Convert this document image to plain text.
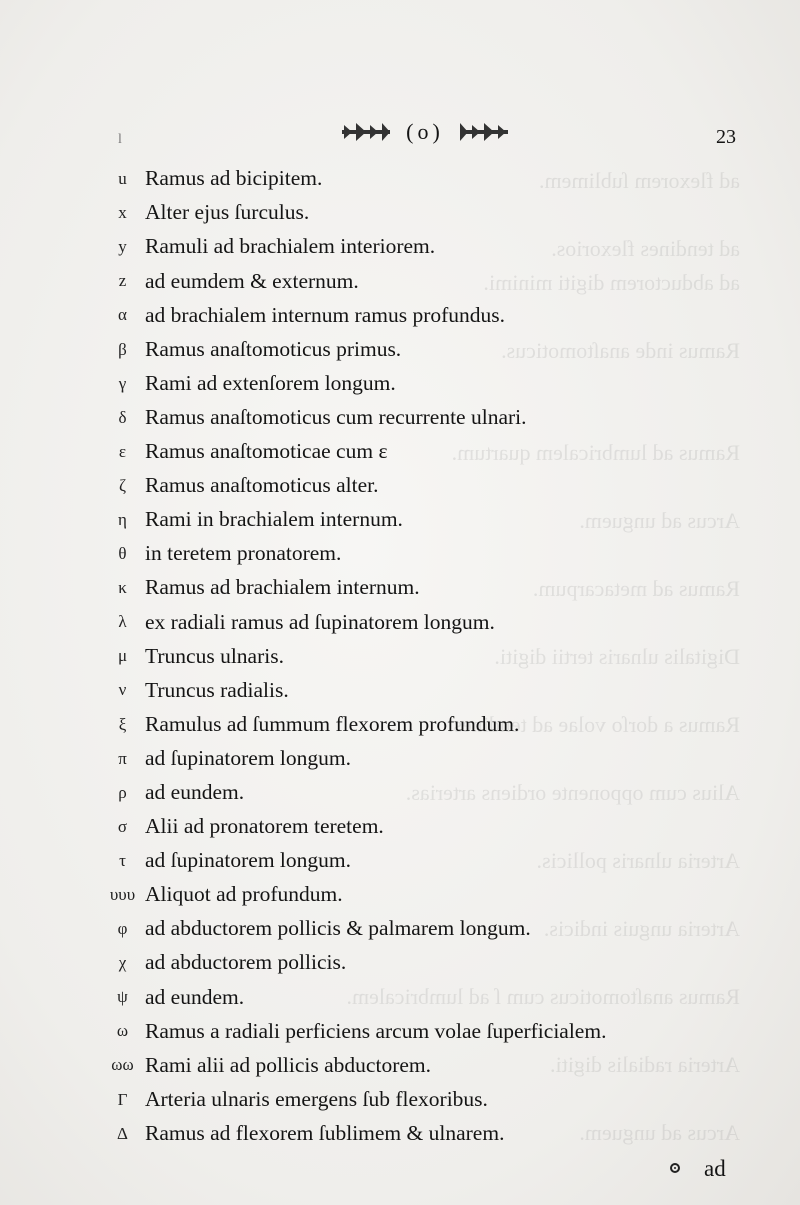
ad flexorem ſublimem.
ad tendines flexorios.
ad abductorem digiti minimi.
Ramus inde anaſtomoticus.
Ramus ad lumbricalem quartum.
Arcus ad unguem.
Ramus ad metacarpum.
Digitalis ulnaris tertii digiti.
Ramus a dorſo volae ad tendines.
Alius cum opponente ordiens arterias.
Arteria ulnaris pollicis.
Arteria unguis indicis.
Ramus anaſtomoticus cum ſ ad lumbricalem.
Arteria radialis digiti.
Arcus ad unguem.
l	(o)	23
u Ramus ad bicipitem.
x Alter ejus ſurculus.
y Ramuli ad brachialem interiorem.
z ad eumdem & externum.
α ad brachialem internum ramus profundus.
β Ramus anaſtomoticus primus.
γ Rami ad extenſorem longum.
δ Ramus anaſtomoticus cum recurrente ulnari.
ε Ramus anaſtomoticae cum ε
ζ Ramus anaſtomoticus alter.
η Rami in brachialem internum.
θ in teretem pronatorem.
κ Ramus ad brachialem internum.
λ ex radiali ramus ad ſupinatorem longum.
μ Truncus ulnaris.
ν Truncus radialis.
ξ Ramulus ad ſummum flexorem profundum.
π ad ſupinatorem longum.
ρ ad eundem.
σ Alii ad pronatorem teretem.
τ ad ſupinatorem longum.
υυυ Aliquot ad profundum.
φ ad abductorem pollicis & palmarem longum.
χ ad abductorem pollicis.
ψ ad eundem.
ω Ramus a radiali perficiens arcum volae ſuperficialem.
ωω Rami alii ad pollicis abductorem.
Γ Arteria ulnaris emergens ſub flexoribus.
Δ Ramus ad flexorem ſublimem & ulnarem.
ad
